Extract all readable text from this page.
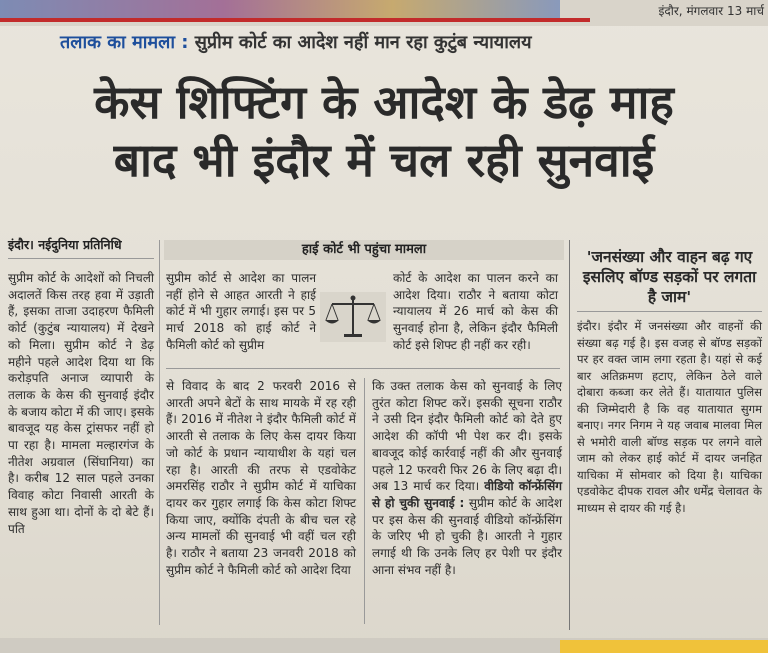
इंदौर, मंगलवार 13 मार्च
तलाक का मामला : सुप्रीम कोर्ट का आदेश नहीं मान रहा कुटुंब न्यायालय
केस शिफ्टिंग के आदेश के डेढ़ माह
बाद भी इंदौर में चल रही सुनवाई
इंदौर। नईदुनिया प्रतिनिधि
सुप्रीम कोर्ट के आदेशों को निचली अदालतें किस तरह हवा में उड़ाती हैं, इसका ताजा उदाहरण फैमिली कोर्ट (कुटुंब न्यायालय) में देखने को मिला। सुप्रीम कोर्ट ने डेढ़ महीने पहले आदेश दिया था कि करोड़पति अनाज व्यापारी के तलाक के केस की सुनवाई इंदौर के बजाय कोटा में की जाए। इसके बावजूद यह केस ट्रांसफर नहीं हो पा रहा है। मामला मल्हारगंज के नीतेश अग्रवाल (सिंघानिया) का है। करीब 12 साल पहले उनका विवाह कोटा निवासी आरती के साथ हुआ था। दोनों के दो बेटे हैं। पति
हाई कोर्ट भी पहुंचा मामला
सुप्रीम कोर्ट से आदेश का पालन नहीं होने से आहत आरती ने हाई कोर्ट में भी गुहार लगाई। इस पर 5 मार्च 2018 को हाई कोर्ट ने फैमिली कोर्ट को सुप्रीम
कोर्ट के आदेश का पालन करने का आदेश दिया। राठौर ने बताया कोटा न्यायालय में 26 मार्च को केस की सुनवाई होना है, लेकिन इंदौर फैमिली कोर्ट इसे शिफ्ट ही नहीं कर रही।
से विवाद के बाद 2 फरवरी 2016 से आरती अपने बेटों के साथ मायके में रह रही हैं। 2016 में नीतेश ने इंदौर फैमिली कोर्ट में आरती से तलाक के लिए केस दायर किया जो कोर्ट के प्रधान न्यायाधीश के यहां चल रहा है। आरती की तरफ से एडवोकेट अमरसिंह राठौर ने सुप्रीम कोर्ट में याचिका दायर कर गुहार लगाई कि केस कोटा शिफ्ट किया जाए, क्योंकि दंपती के बीच चल रहे अन्य मामलों की सुनवाई भी वहीं चल रही है। राठौर ने बताया 23 जनवरी 2018 को सुप्रीम कोर्ट ने फैमिली कोर्ट को आदेश दिया
कि उक्त तलाक केस को सुनवाई के लिए तुरंत कोटा शिफ्ट करें। इसकी सूचना राठौर ने उसी दिन इंदौर फैमिली कोर्ट को देते हुए आदेश की कॉपी भी पेश कर दी। इसके बावजूद कोई कार्रवाई नहीं की और सुनवाई पहले 12 फरवरी फिर 26 के लिए बढ़ा दी। अब 13 मार्च कर दिया। वीडियो कॉन्फ्रेंसिंग से हो चुकी सुनवाई : सुप्रीम कोर्ट के आदेश पर इस केस की सुनवाई वीडियो कॉन्फ्रेंसिंग के जरिए भी हो चुकी है। आरती ने गुहार लगाई थी कि उनके लिए हर पेशी पर इंदौर आना संभव नहीं है।
'जनसंख्या और वाहन बढ़ गए इसलिए बॉण्ड सड़कों पर लगता है जाम'
इंदौर। इंदौर में जनसंख्या और वाहनों की संख्या बढ़ गई है। इस वजह से बॉण्ड सड़कों पर हर वक्त जाम लगा रहता है। यहां से कई बार अतिक्रमण हटाए, लेकिन ठेले वाले दोबारा कब्जा कर लेते हैं। यातायात पुलिस की जिम्मेदारी है कि वह यातायात सुगम बनाए। नगर निगम ने यह जवाब मालवा मिल से भमोरी वाली बॉण्ड सड़क पर लगने वाले जाम को लेकर हाई कोर्ट में दायर जनहित याचिका में सोमवार को दिया है। याचिका एडवोकेट दीपक रावल और धर्मेंद्र चेलावत के माध्यम से दायर की गई है।
